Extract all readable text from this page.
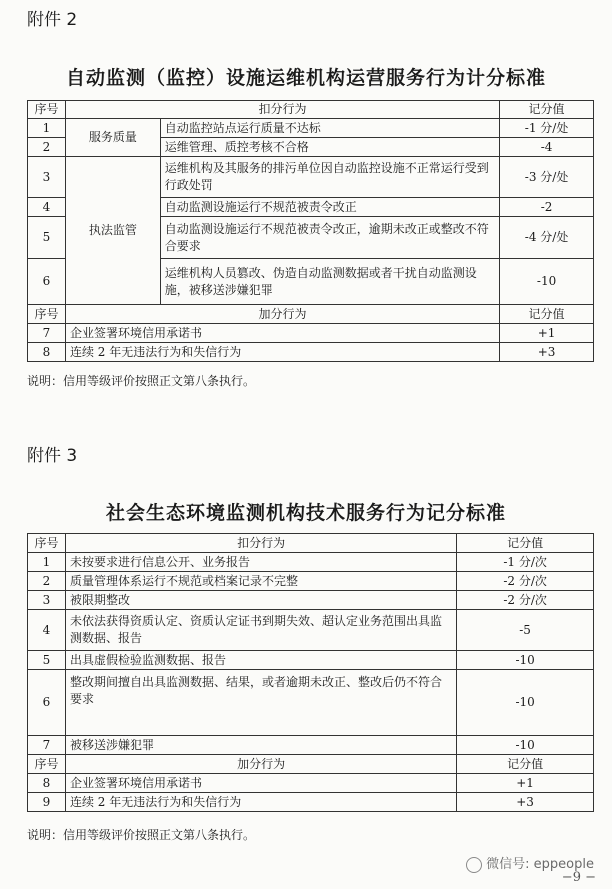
附件 2
自动监测（监控）设施运维机构运营服务行为计分标准
序号	扣分行为		记分值
1	服务质量	自动监控站点运行质量不达标	-1 分/处
2		运维管理、质控考核不合格	-4
3	执法监管	运维机构及其服务的排污单位因自动监控设施不正常运行受到行政处罚	-3 分/处
4		自动监测设施运行不规范被责令改正	-2
5		自动监测设施运行不规范被责令改正，逾期未改正或整改不符合要求	-4 分/处
6		运维机构人员篡改、伪造自动监测数据或者干扰自动监测设施，被移送涉嫌犯罪	-10
序号	加分行为		记分值
7	企业签署环境信用承诺书		+1
8	连续 2 年无违法行为和失信行为		+3
说明：信用等级评价按照正文第八条执行。
附件 3
社会生态环境监测机构技术服务行为记分标准
序号	扣分行为	记分值
1	未按要求进行信息公开、业务报告	-1 分/次
2	质量管理体系运行不规范或档案记录不完整	-2 分/次
3	被限期整改	-2 分/次
4	未依法获得资质认定、资质认定证书到期失效、超认定业务范围出具监测数据、报告	-5
5	出具虚假检验监测数据、报告	-10
6	整改期间擅自出具监测数据、结果，或者逾期未改正、整改后仍不符合要求	-10
7	被移送涉嫌犯罪	-10
序号	加分行为	记分值
8	企业签署环境信用承诺书	+1
9	连续 2 年无违法行为和失信行为	+3
说明：信用等级评价按照正文第八条执行。
微信号: eppeople
−9 −
